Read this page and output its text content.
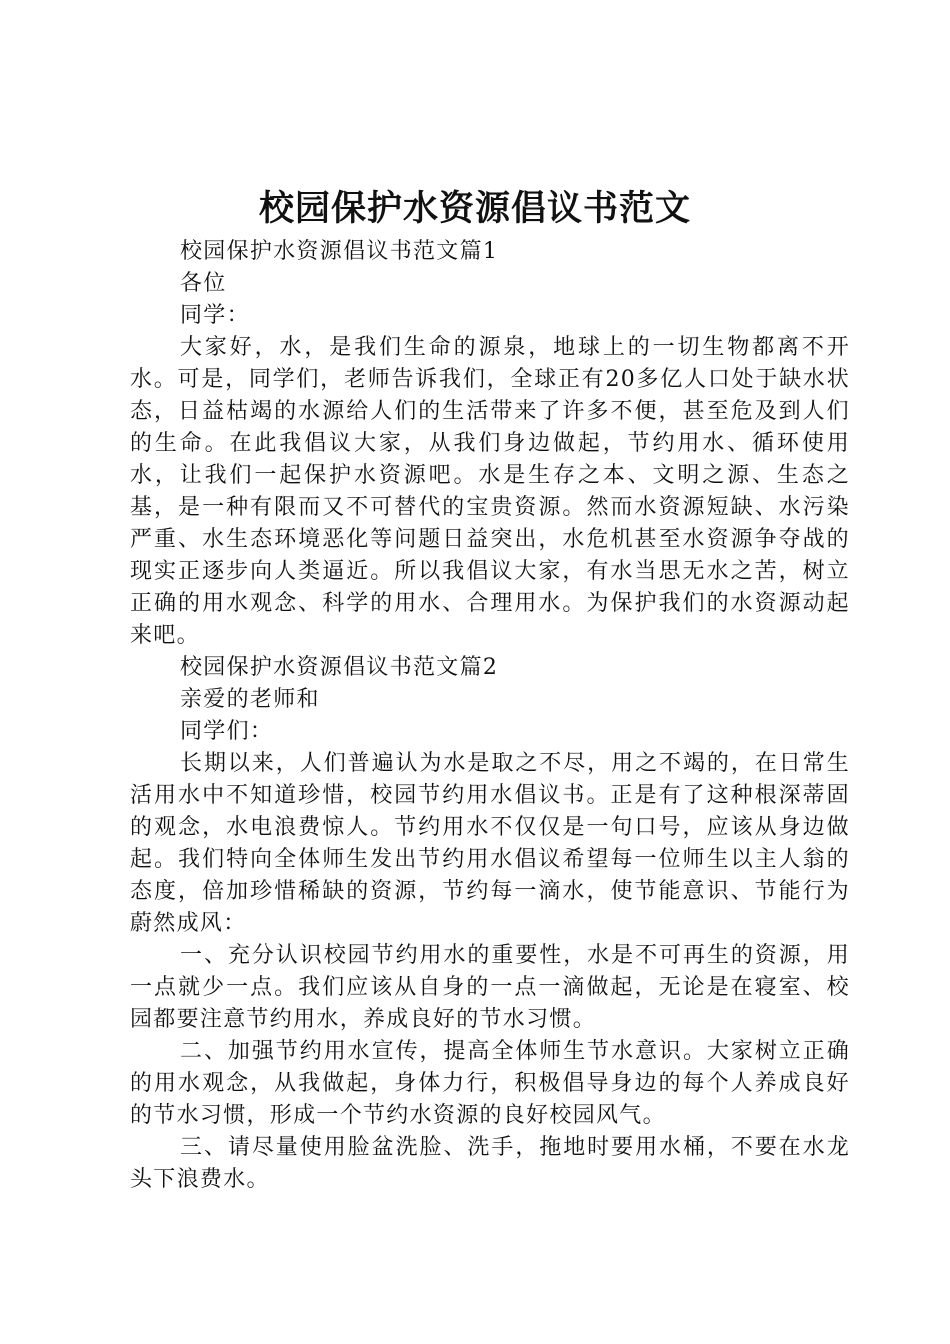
校园保护水资源倡议书范文

校园保护水资源倡议书范文篇1

各位

同学：

大家好，水，是我们生命的源泉，地球上的一切生物都离不开水。可是，同学们，老师告诉我们，全球正有20多亿人口处于缺水状态，日益枯竭的水源给人们的生活带来了许多不便，甚至危及到人们的生命。在此我倡议大家，从我们身边做起，节约用水、循环使用水，让我们一起保护水资源吧。水是生存之本、文明之源、生态之基，是一种有限而又不可替代的宝贵资源。然而水资源短缺、水污染严重、水生态环境恶化等问题日益突出，水危机甚至水资源争夺战的现实正逐步向人类逼近。所以我倡议大家，有水当思无水之苦，树立正确的用水观念、科学的用水、合理用水。为保护我们的水资源动起来吧。

校园保护水资源倡议书范文篇2

亲爱的老师和

同学们：

长期以来，人们普遍认为水是取之不尽，用之不竭的，在日常生活用水中不知道珍惜，校园节约用水倡议书。正是有了这种根深蒂固的观念，水电浪费惊人。节约用水不仅仅是一句口号，应该从身边做起。我们特向全体师生发出节约用水倡议希望每一位师生以主人翁的态度，倍加珍惜稀缺的资源，节约每一滴水，使节能意识、节能行为蔚然成风：

一、充分认识校园节约用水的重要性，水是不可再生的资源，用一点就少一点。我们应该从自身的一点一滴做起，无论是在寝室、校园都要注意节约用水，养成良好的节水习惯。

二、加强节约用水宣传，提高全体师生节水意识。大家树立正确的用水观念，从我做起，身体力行，积极倡导身边的每个人养成良好的节水习惯，形成一个节约水资源的良好校园风气。

三、请尽量使用脸盆洗脸、洗手，拖地时要用水桶，不要在水龙头下浪费水。
